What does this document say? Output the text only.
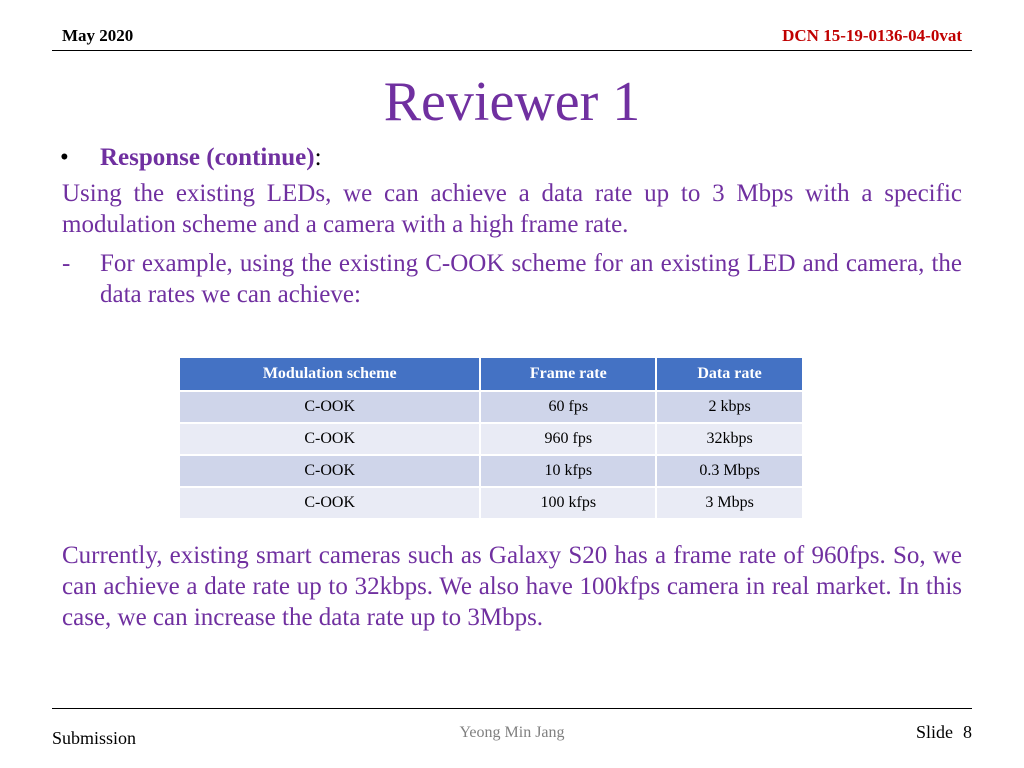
May 2020	DCN 15-19-0136-04-0vat
Reviewer 1
• Response (continue):
Using the existing LEDs, we can achieve a data rate up to 3 Mbps with a specific modulation scheme and a camera with a high frame rate.
-	For example, using the existing C-OOK scheme for an existing LED and camera, the data rates we can achieve:
Modulation scheme	Frame rate	Data rate
C-OOK	60 fps	2 kbps
C-OOK	960 fps	32kbps
C-OOK	10 kfps	0.3 Mbps
C-OOK	100 kfps	3 Mbps
Currently, existing smart cameras such as Galaxy S20 has a frame rate of 960fps. So, we can achieve a date rate up to 32kbps. We also have 100kfps camera in real market. In this case, we can increase the data rate up to 3Mbps.
Submission	Yeong Min Jang	Slide 8
